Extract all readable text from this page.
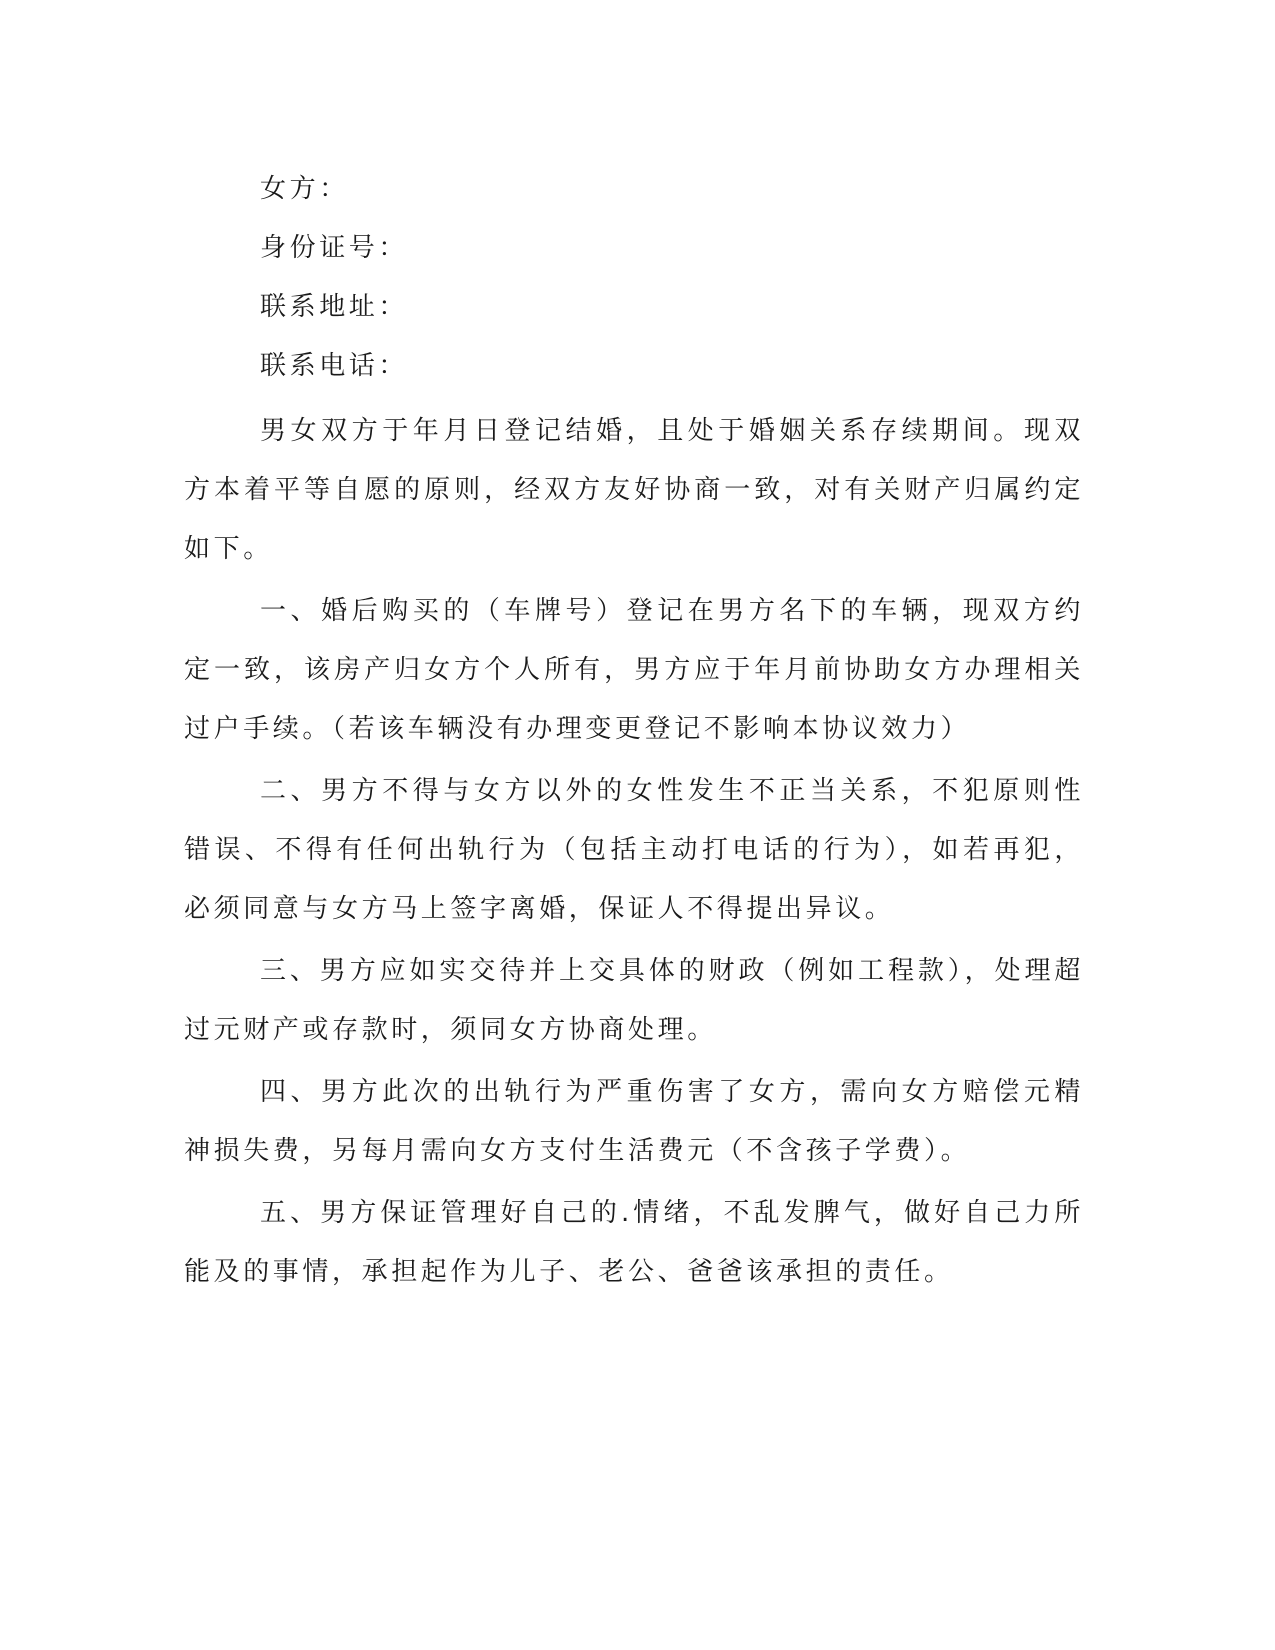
女方：
身份证号：
联系地址：
联系电话：

男女双方于年月日登记结婚，且处于婚姻关系存续期间。现双方本着平等自愿的原则，经双方友好协商一致，对有关财产归属约定如下。

一、婚后购买的（车牌号）登记在男方名下的车辆，现双方约定一致，该房产归女方个人所有，男方应于年月前协助女方办理相关过户手续。（若该车辆没有办理变更登记不影响本协议效力）

二、男方不得与女方以外的女性发生不正当关系，不犯原则性错误、不得有任何出轨行为（包括主动打电话的行为），如若再犯，必须同意与女方马上签字离婚，保证人不得提出异议。

三、男方应如实交待并上交具体的财政（例如工程款），处理超过元财产或存款时，须同女方协商处理。

四、男方此次的出轨行为严重伤害了女方，需向女方赔偿元精神损失费，另每月需向女方支付生活费元（不含孩子学费）。

五、男方保证管理好自己的.情绪，不乱发脾气，做好自己力所能及的事情，承担起作为儿子、老公、爸爸该承担的责任。
